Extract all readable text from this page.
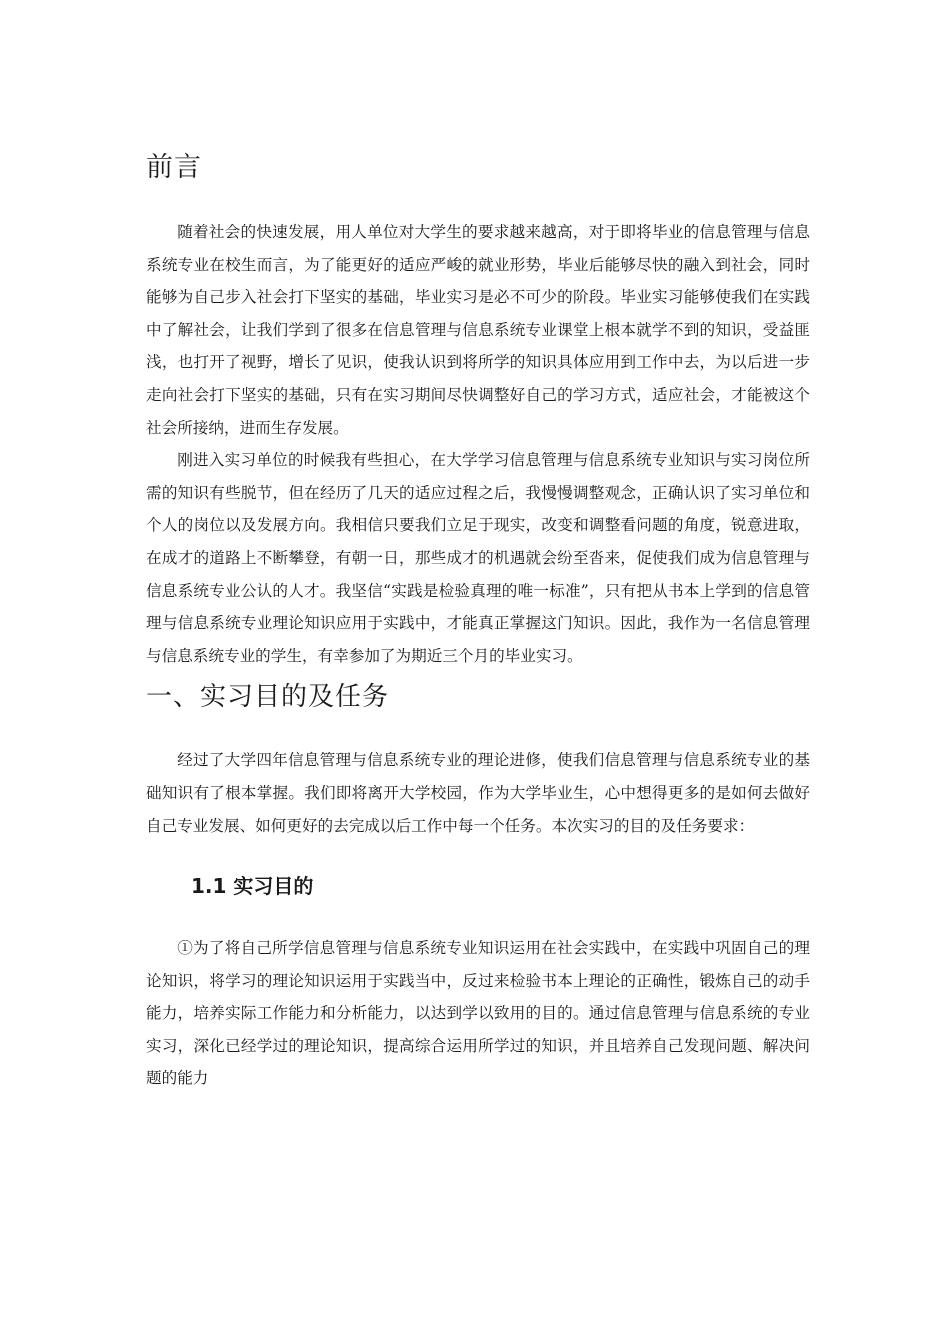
前言

随着社会的快速发展，用人单位对大学生的要求越来越高，对于即将毕业的信息管理与信息系统专业在校生而言，为了能更好的适应严峻的就业形势，毕业后能够尽快的融入到社会，同时能够为自己步入社会打下坚实的基础，毕业实习是必不可少的阶段。毕业实习能够使我们在实践中了解社会，让我们学到了很多在信息管理与信息系统专业课堂上根本就学不到的知识，受益匪浅，也打开了视野，增长了见识，使我认识到将所学的知识具体应用到工作中去，为以后进一步走向社会打下坚实的基础，只有在实习期间尽快调整好自己的学习方式，适应社会，才能被这个社会所接纳，进而生存发展。

刚进入实习单位的时候我有些担心，在大学学习信息管理与信息系统专业知识与实习岗位所需的知识有些脱节，但在经历了几天的适应过程之后，我慢慢调整观念，正确认识了实习单位和个人的岗位以及发展方向。我相信只要我们立足于现实，改变和调整看问题的角度，锐意进取，在成才的道路上不断攀登，有朝一日，那些成才的机遇就会纷至沓来，促使我们成为信息管理与信息系统专业公认的人才。我坚信“实践是检验真理的唯一标准”，只有把从书本上学到的信息管理与信息系统专业理论知识应用于实践中，才能真正掌握这门知识。因此，我作为一名信息管理与信息系统专业的学生，有幸参加了为期近三个月的毕业实习。

一、实习目的及任务

经过了大学四年信息管理与信息系统专业的理论进修，使我们信息管理与信息系统专业的基础知识有了根本掌握。我们即将离开大学校园，作为大学毕业生，心中想得更多的是如何去做好自己专业发展、如何更好的去完成以后工作中每一个任务。本次实习的目的及任务要求：

1.1 实习目的

①为了将自己所学信息管理与信息系统专业知识运用在社会实践中，在实践中巩固自己的理论知识，将学习的理论知识运用于实践当中，反过来检验书本上理论的正确性，锻炼自己的动手能力，培养实际工作能力和分析能力，以达到学以致用的目的。通过信息管理与信息系统的专业实习，深化已经学过的理论知识，提高综合运用所学过的知识，并且培养自己发现问题、解决问题的能力
